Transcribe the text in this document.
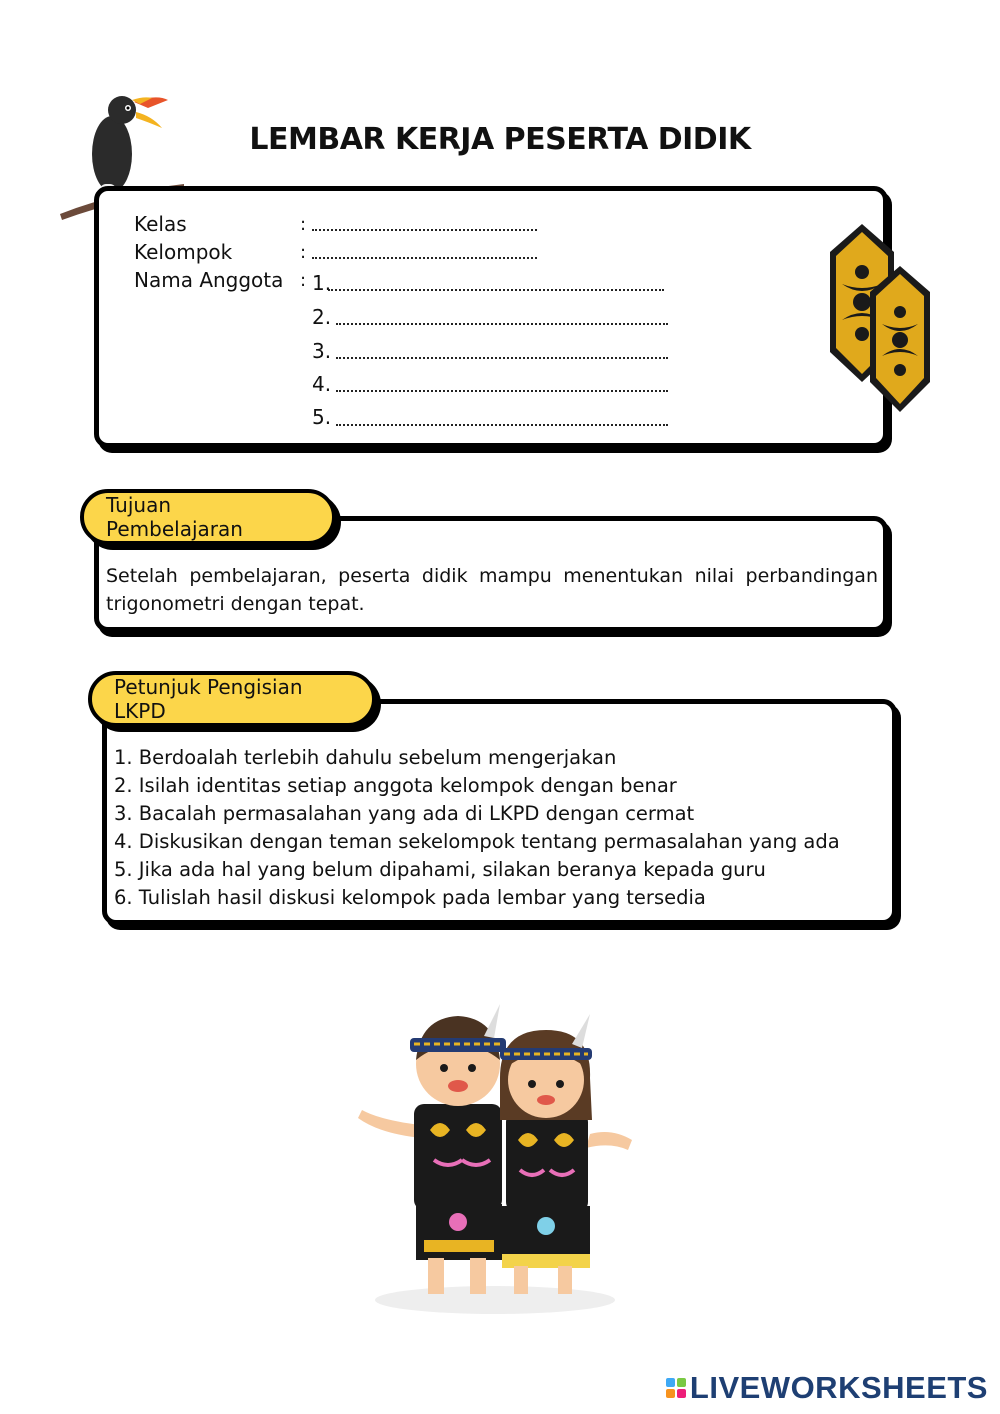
LEMBAR KERJA PESERTA DIDIK
Kelas	:
Kelompok	:
Nama Anggota : 1.
2.
3.
4.
5.
Tujuan Pembelajaran
Setelah pembelajaran, peserta didik mampu menentukan nilai perbandingan trigonometri dengan tepat.
Petunjuk Pengisian LKPD
1. Berdoalah terlebih dahulu sebelum mengerjakan
2. Isilah identitas setiap anggota kelompok dengan benar
3. Bacalah permasalahan yang ada di LKPD dengan cermat
4. Diskusikan dengan teman sekelompok tentang permasalahan yang ada
5. Jika ada hal yang belum dipahami, silakan beranya kepada guru
6. Tulislah hasil diskusi kelompok pada lembar yang tersedia
LIVEWORKSHEETS
